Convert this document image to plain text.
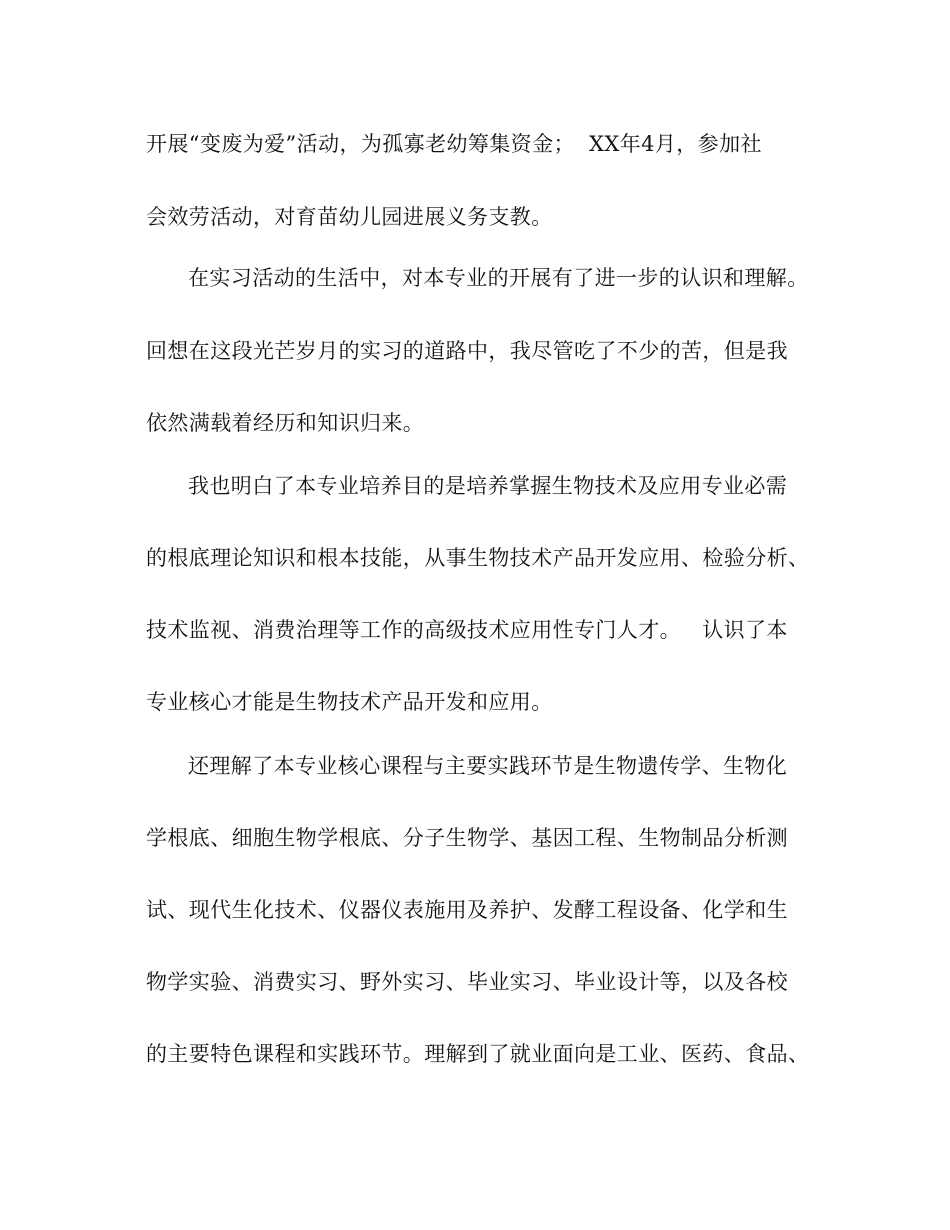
开展“变废为爱”活动，为孤寡老幼筹集资金；  XX年4月，参加社
会效劳活动，对育苗幼儿园进展义务支教。
在实习活动的生活中，对本专业的开展有了进一步的认识和理解。
回想在这段光芒岁月的实习的道路中，我尽管吃了不少的苦，但是我
依然满载着经历和知识归来。
我也明白了本专业培养目的是培养掌握生物技术及应用专业必需
的根底理论知识和根本技能，从事生物技术产品开发应用、检验分析、
技术监视、消费治理等工作的高级技术应用性专门人才。   认识了本
专业核心才能是生物技术产品开发和应用。
还理解了本专业核心课程与主要实践环节是生物遗传学、生物化
学根底、细胞生物学根底、分子生物学、基因工程、生物制品分析测
试、现代生化技术、仪器仪表施用及养护、发酵工程设备、化学和生
物学实验、消费实习、野外实习、毕业实习、毕业设计等，以及各校
的主要特色课程和实践环节。理解到了就业面向是工业、医药、食品、
